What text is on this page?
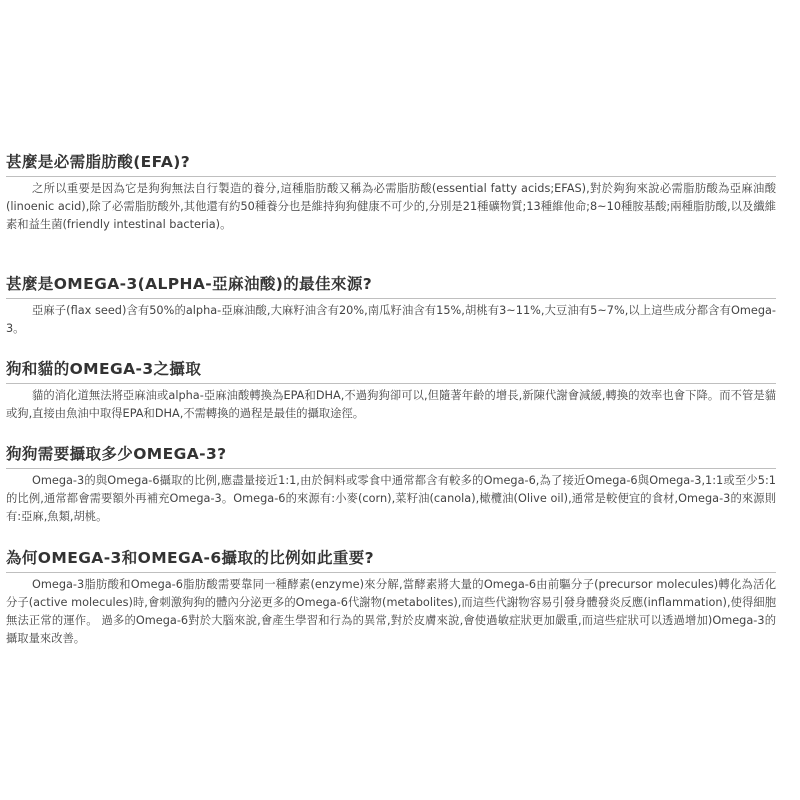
甚麼是必需脂肪酸(EFA)?

之所以重要是因為它是狗狗無法自行製造的養分,這種脂肪酸又稱為必需脂肪酸(essential fatty acids;EFAS),對於夠狗來說必需脂肪酸為亞麻油酸(linoenic acid),除了必需脂肪酸外,其他還有約50種養分也是維持狗狗健康不可少的,分別是21種礦物質;13種維他命;8~10種胺基酸;兩種脂肪酸,以及纖維素和益生菌(friendly intestinal bacteria)。

甚麼是OMEGA-3(ALPHA-亞麻油酸)的最佳來源?

亞麻子(flax seed)含有50%的alpha-亞麻油酸,大麻籽油含有20%,南瓜籽油含有15%,胡桃有3~11%,大豆油有5~7%,以上這些成分都含有Omega-3。

狗和貓的OMEGA-3之攝取

貓的消化道無法將亞麻油或alpha-亞麻油酸轉換為EPA和DHA,不過狗狗卻可以,但隨著年齡的增長,新陳代謝會減緩,轉換的效率也會下降。而不管是貓或狗,直接由魚油中取得EPA和DHA,不需轉換的過程是最佳的攝取途徑。

狗狗需要攝取多少OMEGA-3?

Omega-3的與Omega-6攝取的比例,應盡量接近1:1,由於飼料或零食中通常都含有較多的Omega-6,為了接近Omega-6與Omega-3,1:1或至少5:1的比例,通常都會需要額外再補充Omega-3。Omega-6的來源有:小麥(corn),菜籽油(canola),橄欖油(Olive oil),通常是較便宜的食材,Omega-3的來源則有:亞麻,魚類,胡桃。

為何OMEGA-3和OMEGA-6攝取的比例如此重要?

Omega-3脂肪酸和Omega-6脂肪酸需要靠同一種酵素(enzyme)來分解,當酵素將大量的Omega-6由前驅分子(precursor molecules)轉化為活化分子(active molecules)時,會刺激狗狗的體內分泌更多的Omega-6代謝物(metabolites),而這些代謝物容易引發身體發炎反應(inflammation),使得細胞無法正常的運作。 過多的Omega-6對於大腦來說,會產生學習和行為的異常,對於皮膚來說,會使過敏症狀更加嚴重,而這些症狀可以透過增加)Omega-3的攝取量來改善。
